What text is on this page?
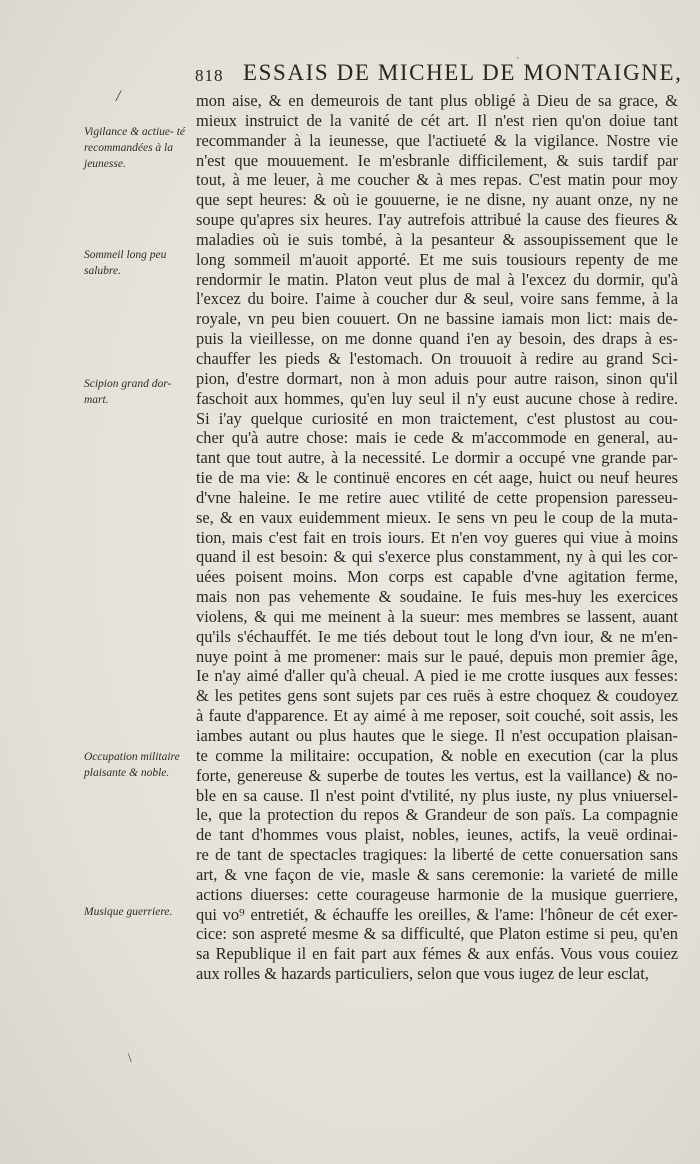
818 ESSAIS DE MICHEL DE MONTAIGNE,
/
ˎ
\
Vigilance & actiue- té recommandées à la jeunesse.
Sommeil long peu salubre.
Scipion grand dor- mart.
Occupation militaire plaisante & noble.
Musique guerriere.
mon aise, & en demeurois de tant plus obligé à Dieu de sa grace, &
mieux instruict de la vanité de cét art. Il n'est rien qu'on doiue tant
recommander à la ieunesse, que l'actiueté & la vigilance. Nostre vie
n'est que mouuement. Ie m'esbranle difficilement, & suis tardif par
tout, à me leuer, à me coucher & à mes repas. C'est matin pour moy
que sept heures: & où ie gouuerne, ie ne disne, ny auant onze, ny ne
soupe qu'apres six heures. I'ay autrefois attribué la cause des fieures &
maladies où ie suis tombé, à la pesanteur & assoupissement que le
long sommeil m'auoit apporté. Et me suis tousiours repenty de me
rendormir le matin. Platon veut plus de mal à l'excez du dormir, qu'à
l'excez du boire. I'aime à coucher dur & seul, voire sans femme, à la
royale, vn peu bien couuert. On ne bassine iamais mon lict: mais de-
puis la vieillesse, on me donne quand i'en ay besoin, des draps à es-
chauffer les pieds & l'estomach. On trouuoit à redire au grand Sci-
pion, d'estre dormart, non à mon aduis pour autre raison, sinon qu'il
faschoit aux hommes, qu'en luy seul il n'y eust aucune chose à redire.
Si i'ay quelque curiosité en mon traictement, c'est plustost au cou-
cher qu'à autre chose: mais ie cede & m'accommode en general, au-
tant que tout autre, à la necessité. Le dormir a occupé vne grande par-
tie de ma vie: & le continuë encores en cét aage, huict ou neuf heures
d'vne haleine. Ie me retire auec vtilité de cette propension paresseu-
se, & en vaux euidemment mieux. Ie sens vn peu le coup de la muta-
tion, mais c'est fait en trois iours. Et n'en voy gueres qui viue à moins
quand il est besoin: & qui s'exerce plus constamment, ny à qui les cor-
uées poisent moins. Mon corps est capable d'vne agitation ferme,
mais non pas vehemente & soudaine. Ie fuis mes-huy les exercices
violens, & qui me meinent à la sueur: mes membres se lassent, auant
qu'ils s'échauffét. Ie me tiés debout tout le long d'vn iour, & ne m'en-
nuye point à me promener: mais sur le paué, depuis mon premier âge,
Ie n'ay aimé d'aller qu'à cheual. A pied ie me crotte iusques aux fesses:
& les petites gens sont sujets par ces ruës à estre choquez & coudoyez
à faute d'apparence. Et ay aimé à me reposer, soit couché, soit assis, les
iambes autant ou plus hautes que le siege. Il n'est occupation plaisan-
te comme la militaire: occupation, & noble en execution (car la plus
forte, genereuse & superbe de toutes les vertus, est la vaillance) & no-
ble en sa cause. Il n'est point d'vtilité, ny plus iuste, ny plus vniuersel-
le, que la protection du repos & Grandeur de son païs. La compagnie
de tant d'hommes vous plaist, nobles, ieunes, actifs, la veuë ordinai-
re de tant de spectacles tragiques: la liberté de cette conuersation sans
art, & vne façon de vie, masle & sans ceremonie: la varieté de mille
actions diuerses: cette courageuse harmonie de la musique guerriere,
qui vo⁹ entretiét, & échauffe les oreilles, & l'ame: l'hôneur de cét exer-
cice: son aspreté mesme & sa difficulté, que Platon estime si peu, qu'en
sa Republique il en fait part aux fémes & aux enfás. Vous vous couiez
aux rolles & hazards particuliers, selon que vous iugez de leur esclat,
